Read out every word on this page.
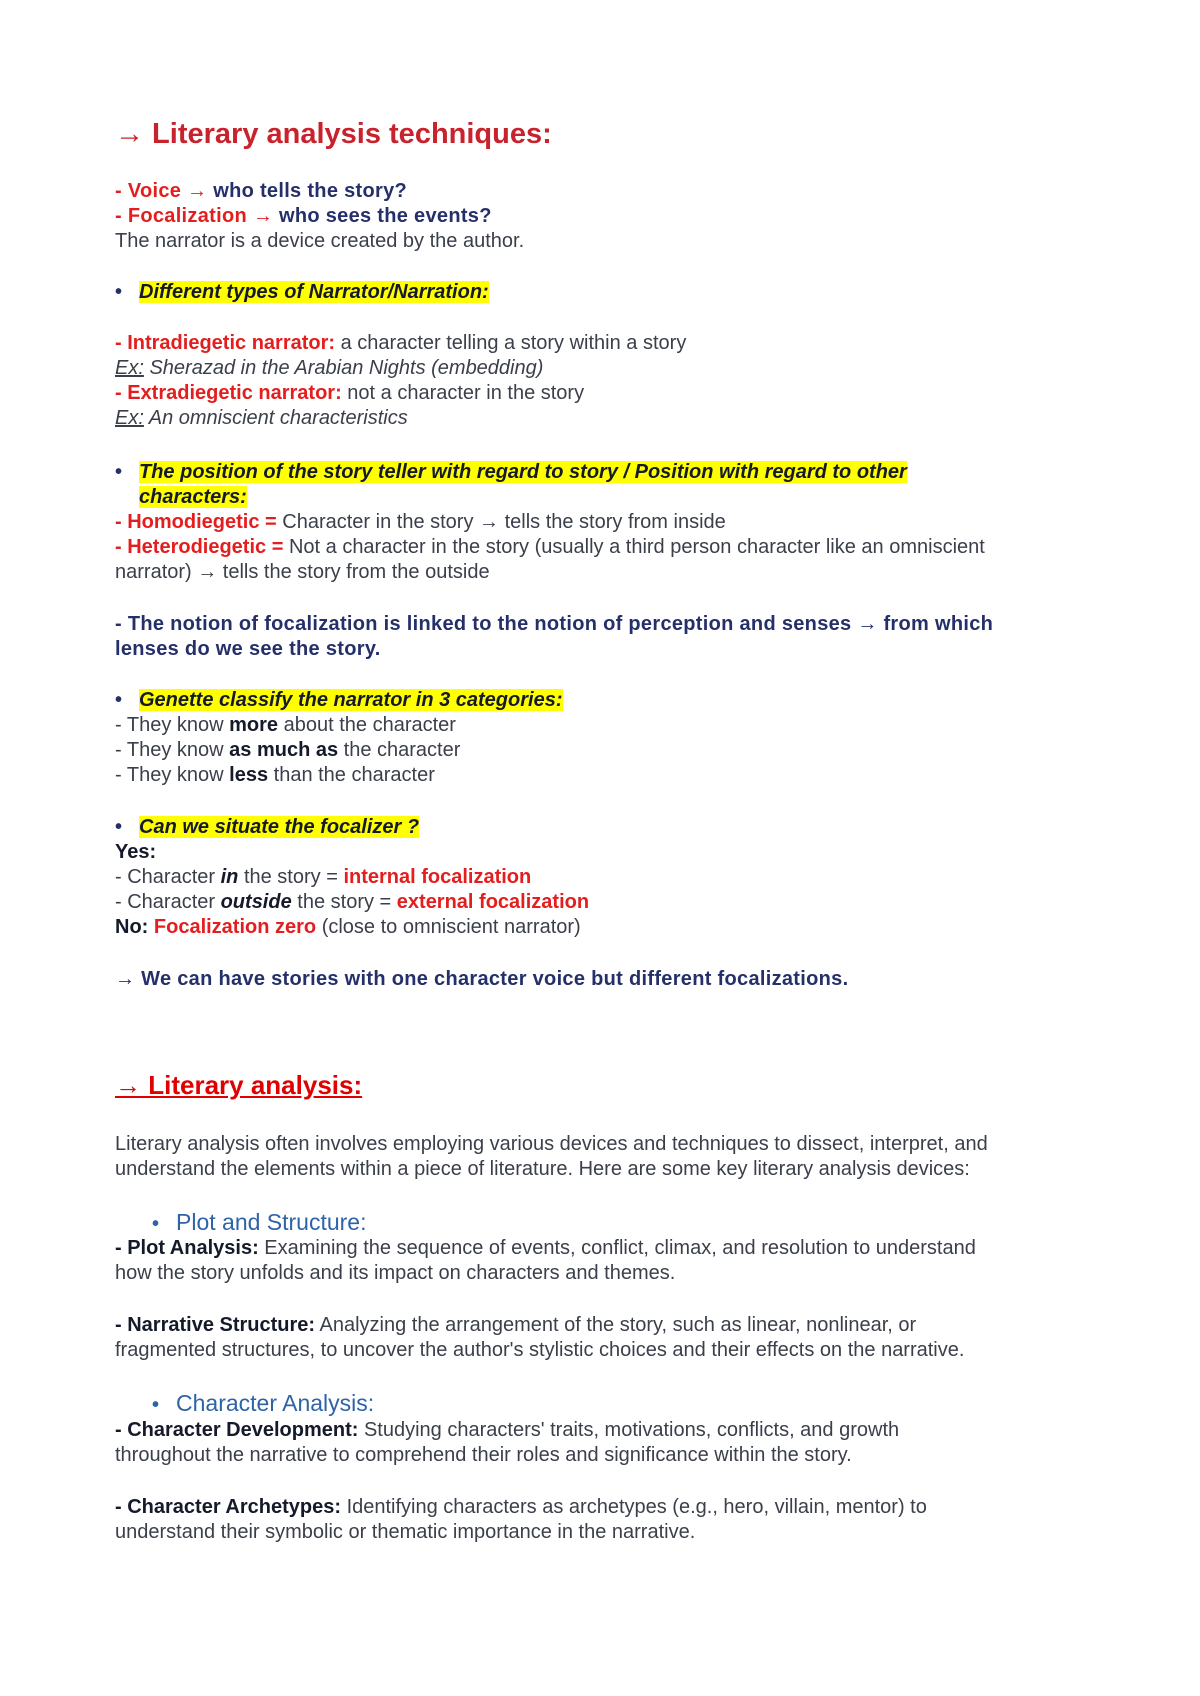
→ Literary analysis techniques:
- Voice → who tells the story?
- Focalization → who sees the events?
The narrator is a device created by the author.
• Different types of Narrator/Narration:
- Intradiegetic narrator: a character telling a story within a story
Ex: Sherazad in the Arabian Nights (embedding)
- Extradiegetic narrator: not a character in the story
Ex: An omniscient characteristics
• The position of the story teller with regard to story / Position with regard to other
characters:
- Homodiegetic = Character in the story → tells the story from inside
- Heterodiegetic = Not a character in the story (usually a third person character like an omniscient
narrator) → tells the story from the outside
- The notion of focalization is linked to the notion of perception and senses → from which
lenses do we see the story.
• Genette classify the narrator in 3 categories:
- They know more about the character
- They know as much as the character
- They know less than the character
• Can we situate the focalizer ?
Yes:
- Character in the story = internal focalization
- Character outside the story = external focalization
No: Focalization zero (close to omniscient narrator)
→ We can have stories with one character voice but different focalizations.
→ Literary analysis:
Literary analysis often involves employing various devices and techniques to dissect, interpret, and
understand the elements within a piece of literature. Here are some key literary analysis devices:
• Plot and Structure:
- Plot Analysis: Examining the sequence of events, conflict, climax, and resolution to understand
how the story unfolds and its impact on characters and themes.
- Narrative Structure: Analyzing the arrangement of the story, such as linear, nonlinear, or
fragmented structures, to uncover the author's stylistic choices and their effects on the narrative.
• Character Analysis:
- Character Development: Studying characters' traits, motivations, conflicts, and growth
throughout the narrative to comprehend their roles and significance within the story.
- Character Archetypes: Identifying characters as archetypes (e.g., hero, villain, mentor) to
understand their symbolic or thematic importance in the narrative.
